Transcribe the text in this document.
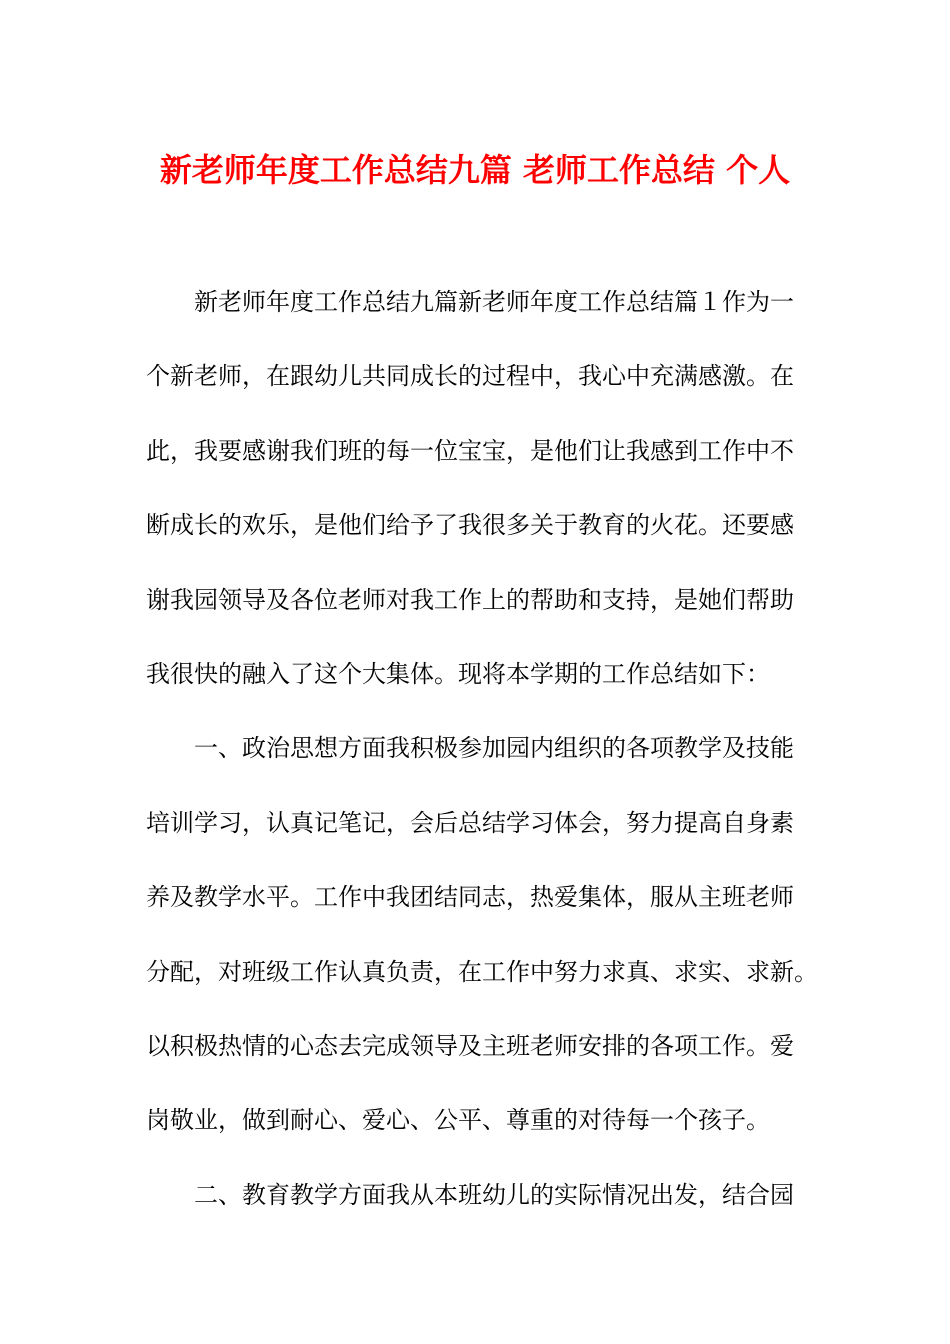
新老师年度工作总结九篇 老师工作总结 个人
新老师年度工作总结九篇新老师年度工作总结篇１作为一
个新老师，在跟幼儿共同成长的过程中，我心中充满感激。在
此，我要感谢我们班的每一位宝宝，是他们让我感到工作中不
断成长的欢乐，是他们给予了我很多关于教育的火花。还要感
谢我园领导及各位老师对我工作上的帮助和支持，是她们帮助
我很快的融入了这个大集体。现将本学期的工作总结如下：
一、政治思想方面我积极参加园内组织的各项教学及技能
培训学习，认真记笔记，会后总结学习体会，努力提高自身素
养及教学水平。工作中我团结同志，热爱集体，服从主班老师
分配，对班级工作认真负责，在工作中努力求真、求实、求新。
以积极热情的心态去完成领导及主班老师安排的各项工作。爱
岗敬业，做到耐心、爱心、公平、尊重的对待每一个孩子。
二、教育教学方面我从本班幼儿的实际情况出发，结合园
